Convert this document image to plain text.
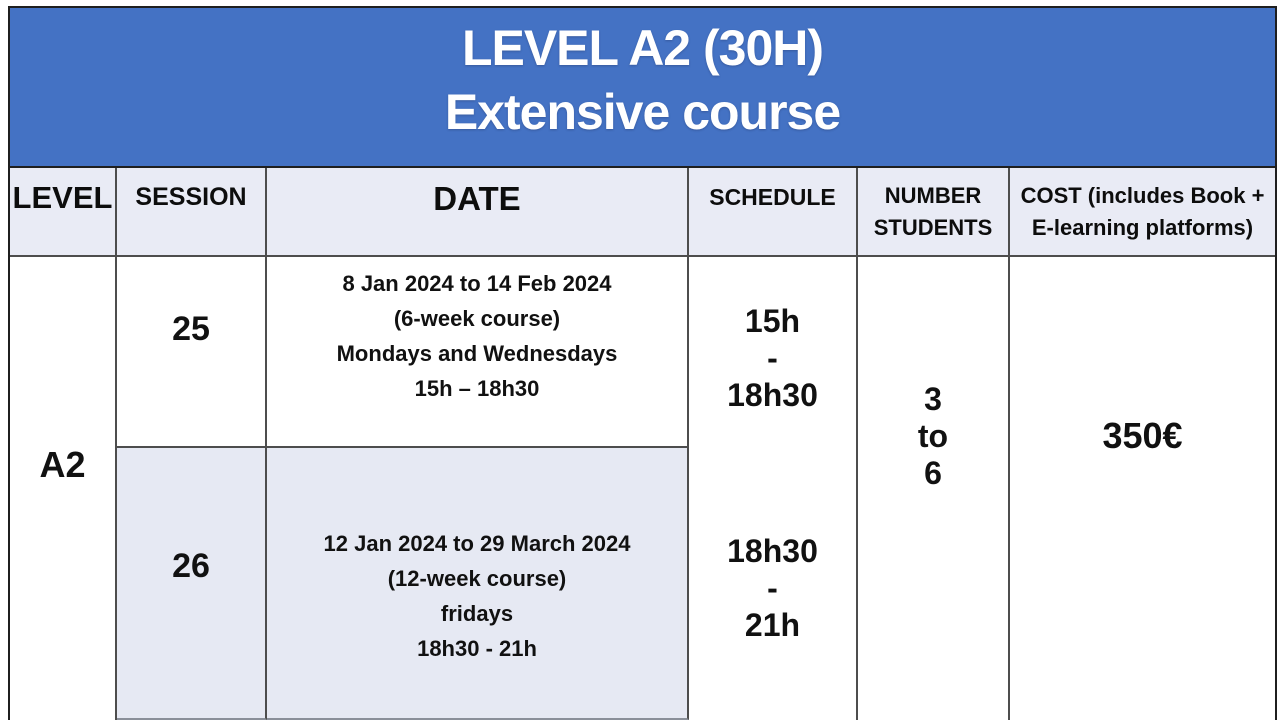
LEVEL A2 (30H)
Extensive course
LEVEL SESSION	DATE	SCHEDULE NUMBER
STUDENTS
COST (includes Book +
E-learning platforms)
A2
25
8 Jan 2024 to 14 Feb 2024
(6-week course)
Mondays and Wednesdays
15h – 18h30
26
12 Jan 2024 to 29 March 2024
(12-week course)
fridays
18h30 - 21h
15h
-
18h30
18h30
-
21h
3
to
6
350€
